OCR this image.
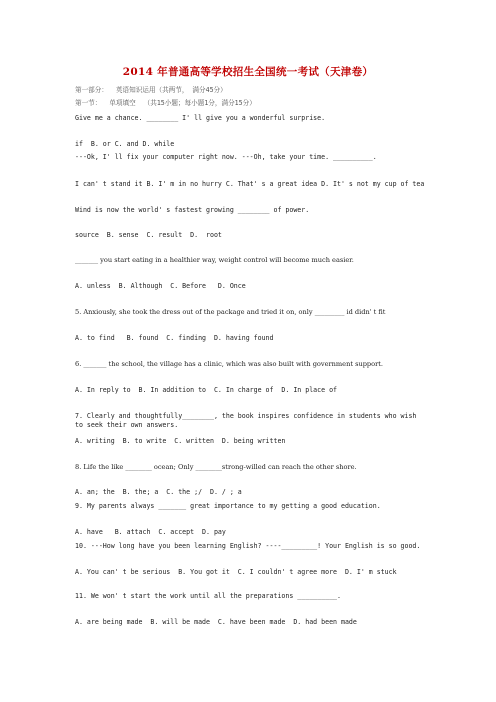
2014 年普通高等学校招生全国统一考试（天津卷）
第一部分：  英语知识运用（共两节， 满分45分）
第一节：  单项填空  （共15小题；每小题1分，满分15分）
Give me a chance. ________ I' ll give you a wonderful surprise.
if  B. or C. and D. while
---Ok, I' ll fix your computer right now. ---Oh, take your time. __________.
I can' t stand it B. I' m in no hurry C. That' s a great idea D. It' s not my cup of tea
Wind is now the world' s fastest growing ________ of power.
source  B. sense  C. result  D.  root
_______ you start eating in a healthier way, weight control will become much easier.
A. unless  B. Although  C. Before   D. Once
5. Anxiously, she took the dress out of the package and tried it on, only _________ id didn' t fit
A. to find   B. found  C. finding  D. having found
6. _______ the school, the village has a clinic, which was also built with government support.
A. In reply to  B. In addition to  C. In charge of  D. In place of
7. Clearly and thoughtfully________, the book inspires confidence in students who wish to seek their own answers.
A. writing  B. to write  C. written  D. being written
8. Life the like ________ ocean; Only ________strong-willed can reach the other shore.
A. an; the  B. the; a  C. the ;/  D. / ; a
9. My parents always _______ great importance to my getting a good education.
A. have   B. attach  C. accept  D. pay
10. ---How long have you been learning English? ----_________! Your English is so good.
A. You can' t be serious  B. You got it  C. I couldn' t agree more  D. I' m stuck
11. We won' t start the work until all the preparations __________.
A. are being made  B. will be made  C. have been made  D. had been made
